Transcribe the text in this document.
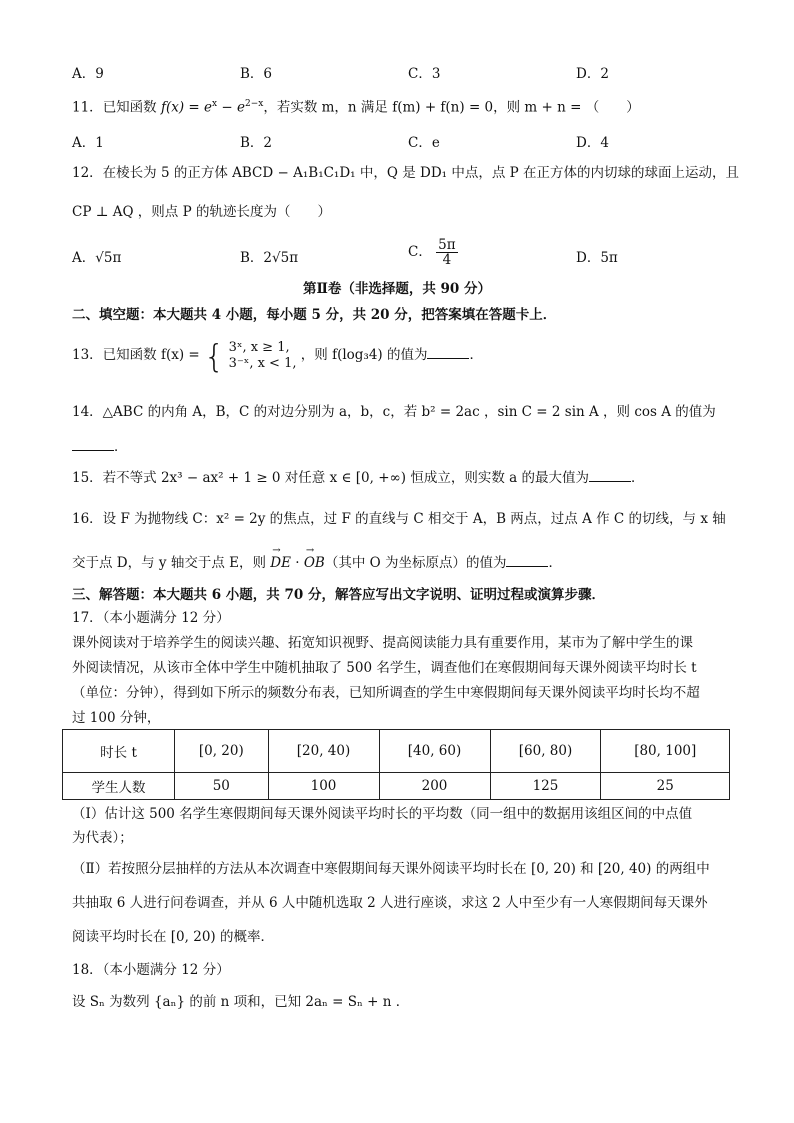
A．9	B．6	C．3	D．2
11．已知函数 $f(x) = e^x - e^{2-x}$，若实数 m，n 满足 f(m) + f(n) = 0，则 m + n = （　　）
A．1	B．2	C．e	D．4
12．在棱长为 5 的正方体 ABCD − A₁B₁C₁D₁ 中，Q 是 DD₁ 中点，点 P 在正方体的内切球的球面上运动，且
CP ⊥ AQ ，则点 P 的轨迹长度为（　　）
A．√5π	B．2√5π	C． $\frac{5\pi}{4}$	D．5π
第Ⅱ卷（非选择题，共 90 分）
二、填空题：本大题共 4 小题，每小题 5 分，共 20 分，把答案填在答题卡上．
13．已知函数 f(x) = { 3ˣ, x ≥ 1,
3⁻ˣ, x < 1,
，则 f(log₃4) 的值为	．
14．△ABC 的内角 A，B，C 的对边分别为 a，b，c，若 b² = 2ac ，sin C = 2 sin A ，则 cos A 的值为
．
15．若不等式 2x³ − ax² + 1 ≥ 0 对任意 x ∈ [0, +∞) 恒成立，则实数 a 的最大值为	．
16．设 F 为抛物线 C：x² = 2y 的焦点，过 F 的直线与 C 相交于 A，B 两点，过点 A 作 C 的切线，与 x 轴
交于点 D，与 y 轴交于点 E，则 → DE · → OB（其中 O 为坐标原点）的值为	．
三、解答题：本大题共 6 小题，共 70 分，解答应写出文字说明、证明过程或演算步骤．
17．（本小题满分 12 分）
课外阅读对于培养学生的阅读兴趣、拓宽知识视野、提高阅读能力具有重要作用，某市为了解中学生的课
外阅读情况，从该市全体中学生中随机抽取了 500 名学生，调查他们在寒假期间每天课外阅读平均时长 t
（单位：分钟），得到如下所示的频数分布表，已知所调查的学生中寒假期间每天课外阅读平均时长均不超
过 100 分钟，
时长 t	[0, 20)	[20, 40)	[40, 60)	[60, 80)	[80, 100]
学生人数	50	100	200	125	25
（Ⅰ）估计这 500 名学生寒假期间每天课外阅读平均时长的平均数（同一组中的数据用该组区间的中点值
为代表）；
（Ⅱ）若按照分层抽样的方法从本次调查中寒假期间每天课外阅读平均时长在 [0, 20) 和 [20, 40) 的两组中
共抽取 6 人进行问卷调查，并从 6 人中随机选取 2 人进行座谈，求这 2 人中至少有一人寒假期间每天课外
阅读平均时长在 [0, 20) 的概率．
18．（本小题满分 12 分）
设 Sₙ 为数列 {aₙ} 的前 n 项和，已知 2aₙ = Sₙ + n ．
